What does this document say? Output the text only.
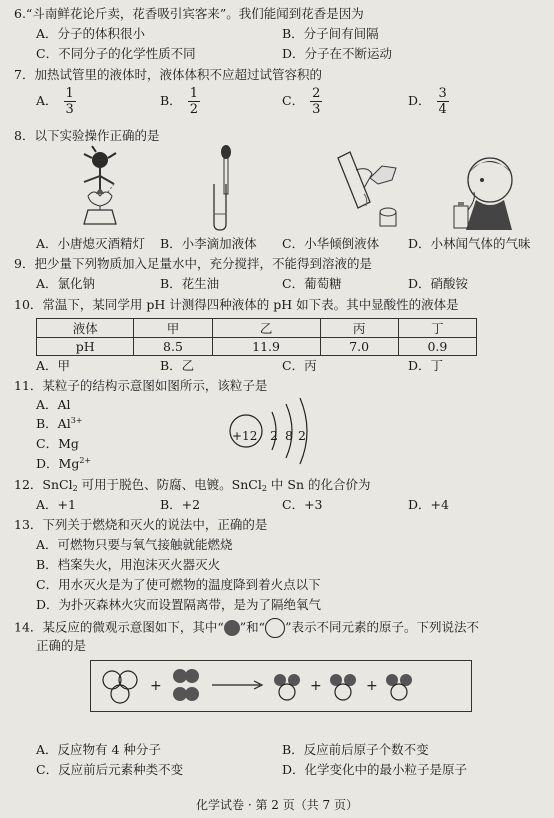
6.“斗南鲜花论斤卖，花香吸引宾客来”。我们能闻到花香是因为
A．分子的体积很小	B．分子间有间隔
C．不同分子的化学性质不同	D．分子在不断运动
7．加热试管里的液体时，液体体积不应超过试管容积的
A． $\frac{1}{3}$	B． $\frac{1}{2}$	C． $\frac{2}{3}$	D． $\frac{3}{4}$
8．以下实验操作正确的是
A．小唐熄灭酒精灯 B．小李滴加液体 C．小华倾倒液体 D．小林闻气体的气味
9．把少量下列物质加入足量水中，充分搅拌，不能得到溶液的是
A．氯化钠	B．花生油	C．葡萄糖	D．硝酸铵
10．常温下，某同学用 pH 计测得四种液体的 pH 如下表。其中显酸性的液体是
液体	甲	乙	丙	丁
pH	8.5	11.9	7.0	0.9
A．甲	B．乙	C．丙	D．丁
11．某粒子的结构示意图如图所示，该粒子是
A．Al
B．$Al^{3+}$
C．Mg
D．$Mg^{2+}$
+12 2 8 2
12．SnCl$_2$ 可用于脱色、防腐、电镀。SnCl$_2$ 中 Sn 的化合价为
A．+1	B．+2	C．+3	D．+4
13．下列关于燃烧和灭火的说法中，正确的是
A．可燃物只要与氧气接触就能燃烧
B．档案失火，用泡沫灭火器灭火
C．用水灭火是为了使可燃物的温度降到着火点以下
D．为扑灭森林火灾而设置隔离带，是为了隔绝氧气
14．某反应的微观示意图如下，其中“ ”和“ ”表示不同元素的原子。下列说法不
正确的是
+	+	+
A．反应物有 4 种分子	B．反应前后原子个数不变
C．反应前后元素种类不变	D．化学变化中的最小粒子是原子
化学试卷 · 第 2 页（共 7 页）
